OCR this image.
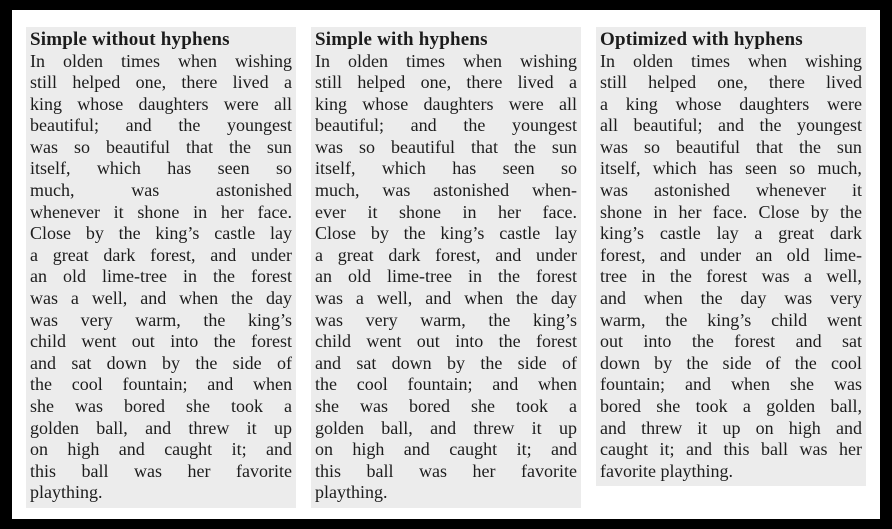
Simple without hyphens
In olden times when wishing
still helped one, there lived a
king whose daughters were all
beautiful; and the youngest
was so beautiful that the sun
itself, which has seen so
much,	was	astonished
whenever it shone in her face.
Close by the king’s castle lay
a great dark forest, and under
an old lime-tree in the forest
was a well, and when the day
was very warm, the king’s
child went out into the forest
and sat down by the side of
the cool fountain; and when
she was bored she took a
golden ball, and threw it up
on high and caught it; and
this ball was her favorite
plaything.
Simple with hyphens
In olden times when wishing
still helped one, there lived a
king whose daughters were all
beautiful; and the youngest
was so beautiful that the sun
itself, which has seen so
much, was astonished when-
ever it shone in her face.
Close by the king’s castle lay
a great dark forest, and under
an old lime-tree in the forest
was a well, and when the day
was very warm, the king’s
child went out into the forest
and sat down by the side of
the cool fountain; and when
she was bored she took a
golden ball, and threw it up
on high and caught it; and
this ball was her favorite
plaything.
Optimized with hyphens
In olden times when wishing
still helped one, there lived
a king whose daughters were
all beautiful; and the youngest
was so beautiful that the sun
itself, which has seen so much,
was astonished whenever it
shone in her face. Close by the
king’s castle lay a great dark
forest, and under an old lime-
tree in the forest was a well,
and when the day was very
warm, the king’s child went
out into the forest and sat
down by the side of the cool
fountain; and when she was
bored she took a golden ball,
and threw it up on high and
caught it; and this ball was her
favorite plaything.
